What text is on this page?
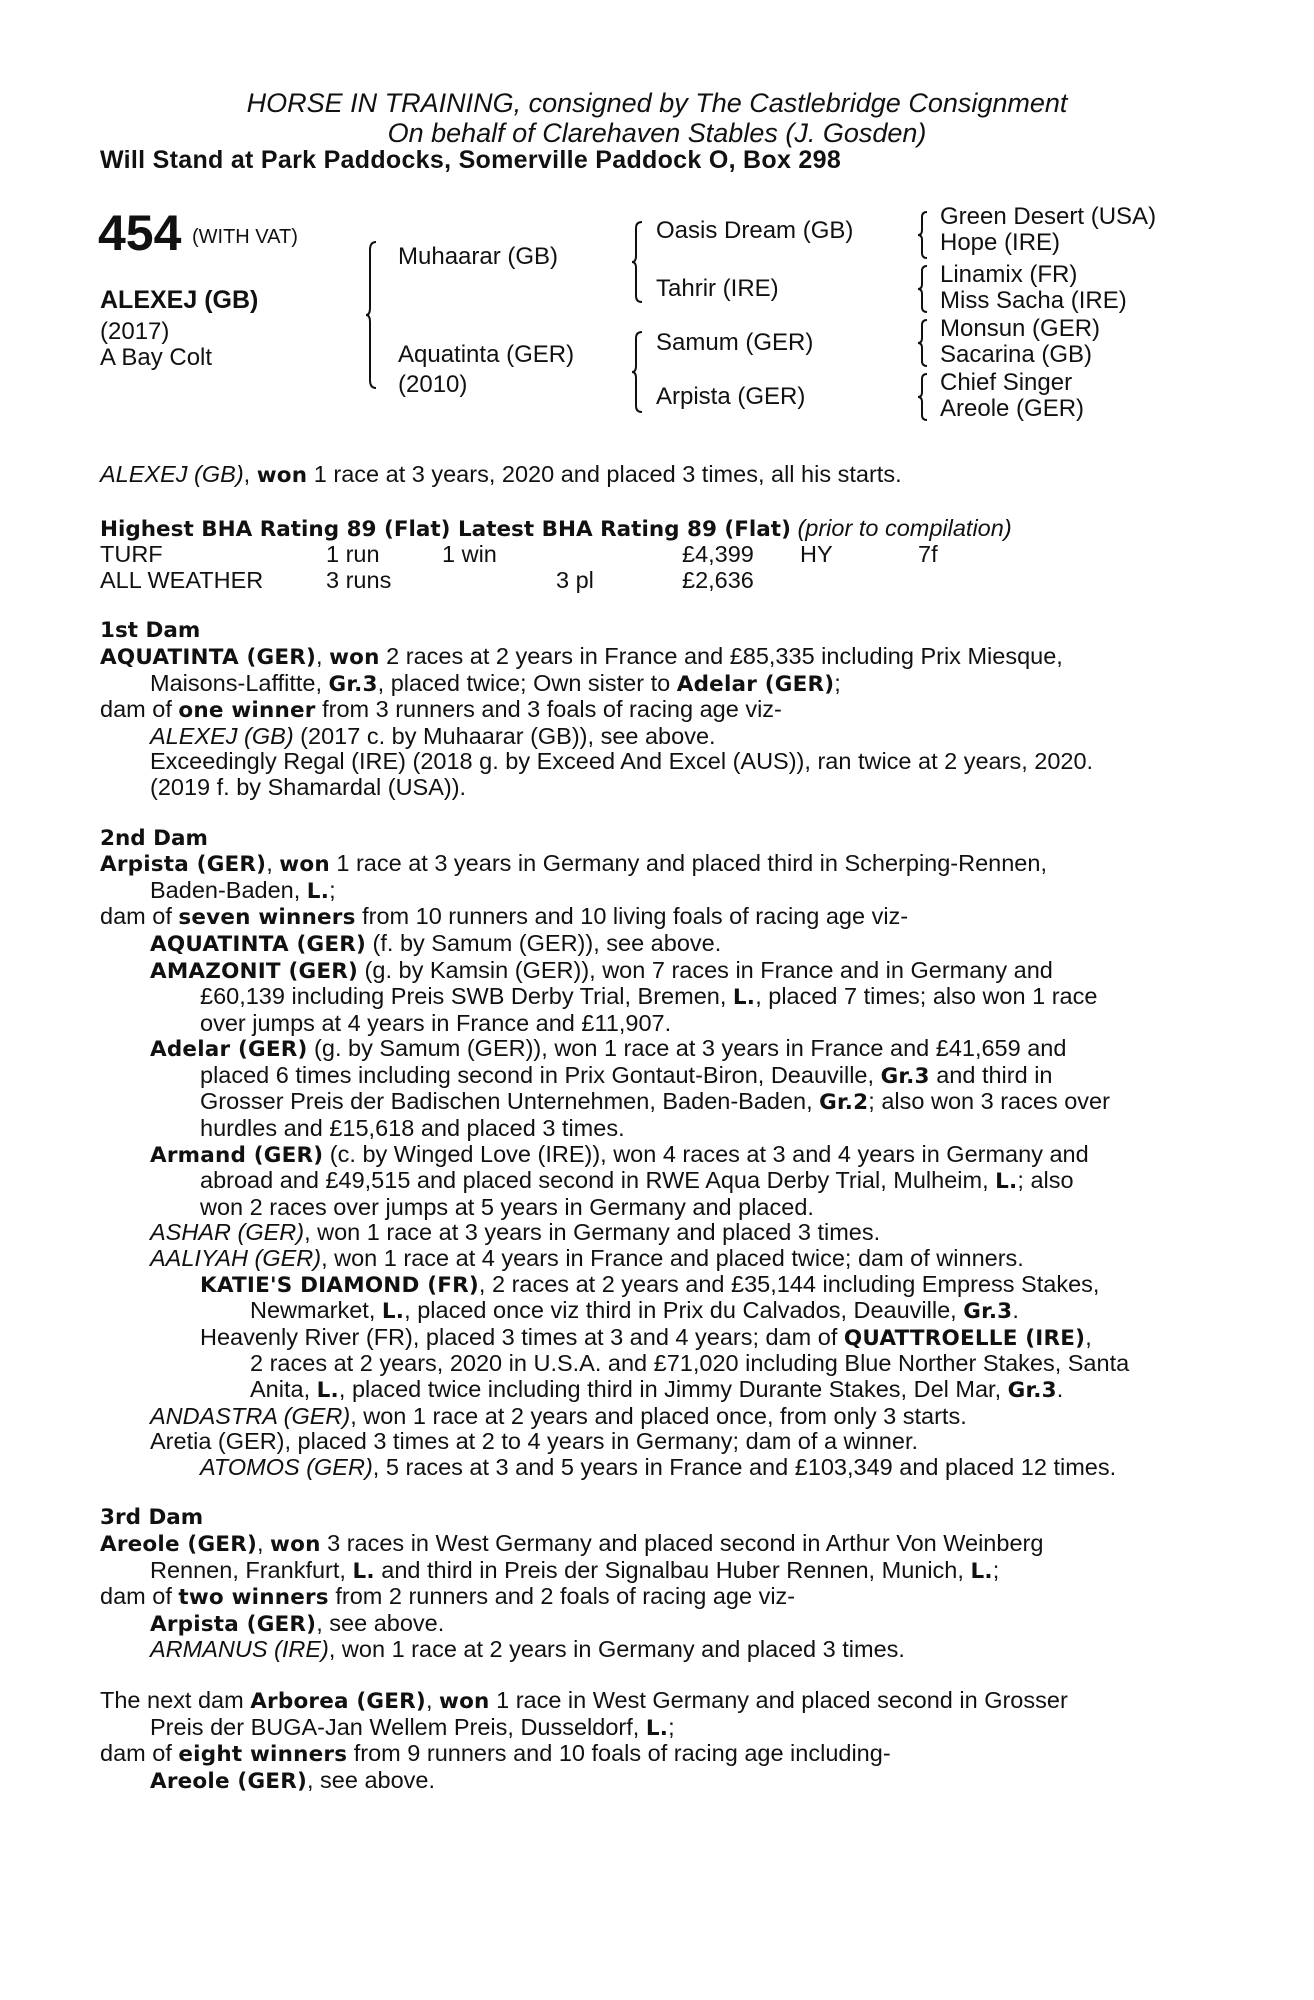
HORSE IN TRAINING, consigned by The Castlebridge Consignment
On behalf of Clarehaven Stables (J. Gosden)
Will Stand at Park Paddocks, Somerville Paddock O, Box 298
454 (WITH VAT)
ALEXEJ (GB)
(2017)
A Bay Colt
Muhaarar (GB)
Aquatinta (GER)
(2010)
Oasis Dream (GB)
Tahrir (IRE)
Samum (GER)
Arpista (GER)
Green Desert (USA)
Hope (IRE)
Linamix (FR)
Miss Sacha (IRE)
Monsun (GER)
Sacarina (GB)
Chief Singer
Areole (GER)

ALEXEJ (GB), won 1 race at 3 years, 2020 and placed 3 times, all his starts.

Highest BHA Rating 89 (Flat) Latest BHA Rating 89 (Flat) (prior to compilation)

TURF	1 run	1 win	£4,399 HY	7f
ALL WEATHER	3 runs	3 pl	£2,636

1st Dam

AQUATINTA (GER), won 2 races at 2 years in France and £85,335 including Prix Miesque,

Maisons-Laffitte, Gr.3, placed twice; Own sister to Adelar (GER);

dam of one winner from 3 runners and 3 foals of racing age viz-

ALEXEJ (GB) (2017 c. by Muhaarar (GB)), see above.

Exceedingly Regal (IRE) (2018 g. by Exceed And Excel (AUS)), ran twice at 2 years, 2020.

(2019 f. by Shamardal (USA)).

2nd Dam

Arpista (GER), won 1 race at 3 years in Germany and placed third in Scherping-Rennen,

Baden-Baden, L.;

dam of seven winners from 10 runners and 10 living foals of racing age viz-

AQUATINTA (GER) (f. by Samum (GER)), see above.

AMAZONIT (GER) (g. by Kamsin (GER)), won 7 races in France and in Germany and

£60,139 including Preis SWB Derby Trial, Bremen, L., placed 7 times; also won 1 race

over jumps at 4 years in France and £11,907.

Adelar (GER) (g. by Samum (GER)), won 1 race at 3 years in France and £41,659 and

placed 6 times including second in Prix Gontaut-Biron, Deauville, Gr.3 and third in

Grosser Preis der Badischen Unternehmen, Baden-Baden, Gr.2; also won 3 races over

hurdles and £15,618 and placed 3 times.

Armand (GER) (c. by Winged Love (IRE)), won 4 races at 3 and 4 years in Germany and

abroad and £49,515 and placed second in RWE Aqua Derby Trial, Mulheim, L.; also

won 2 races over jumps at 5 years in Germany and placed.

ASHAR (GER), won 1 race at 3 years in Germany and placed 3 times.

AALIYAH (GER), won 1 race at 4 years in France and placed twice; dam of winners.

KATIE'S DIAMOND (FR), 2 races at 2 years and £35,144 including Empress Stakes,

Newmarket, L., placed once viz third in Prix du Calvados, Deauville, Gr.3.

Heavenly River (FR), placed 3 times at 3 and 4 years; dam of QUATTROELLE (IRE),

2 races at 2 years, 2020 in U.S.A. and £71,020 including Blue Norther Stakes, Santa

Anita, L., placed twice including third in Jimmy Durante Stakes, Del Mar, Gr.3.

ANDASTRA (GER), won 1 race at 2 years and placed once, from only 3 starts.

Aretia (GER), placed 3 times at 2 to 4 years in Germany; dam of a winner.

ATOMOS (GER), 5 races at 3 and 5 years in France and £103,349 and placed 12 times.

3rd Dam

Areole (GER), won 3 races in West Germany and placed second in Arthur Von Weinberg

Rennen, Frankfurt, L. and third in Preis der Signalbau Huber Rennen, Munich, L.;

dam of two winners from 2 runners and 2 foals of racing age viz-

Arpista (GER), see above.

ARMANUS (IRE), won 1 race at 2 years in Germany and placed 3 times.

The next dam Arborea (GER), won 1 race in West Germany and placed second in Grosser

Preis der BUGA-Jan Wellem Preis, Dusseldorf, L.;

dam of eight winners from 9 runners and 10 foals of racing age including-

Areole (GER), see above.
